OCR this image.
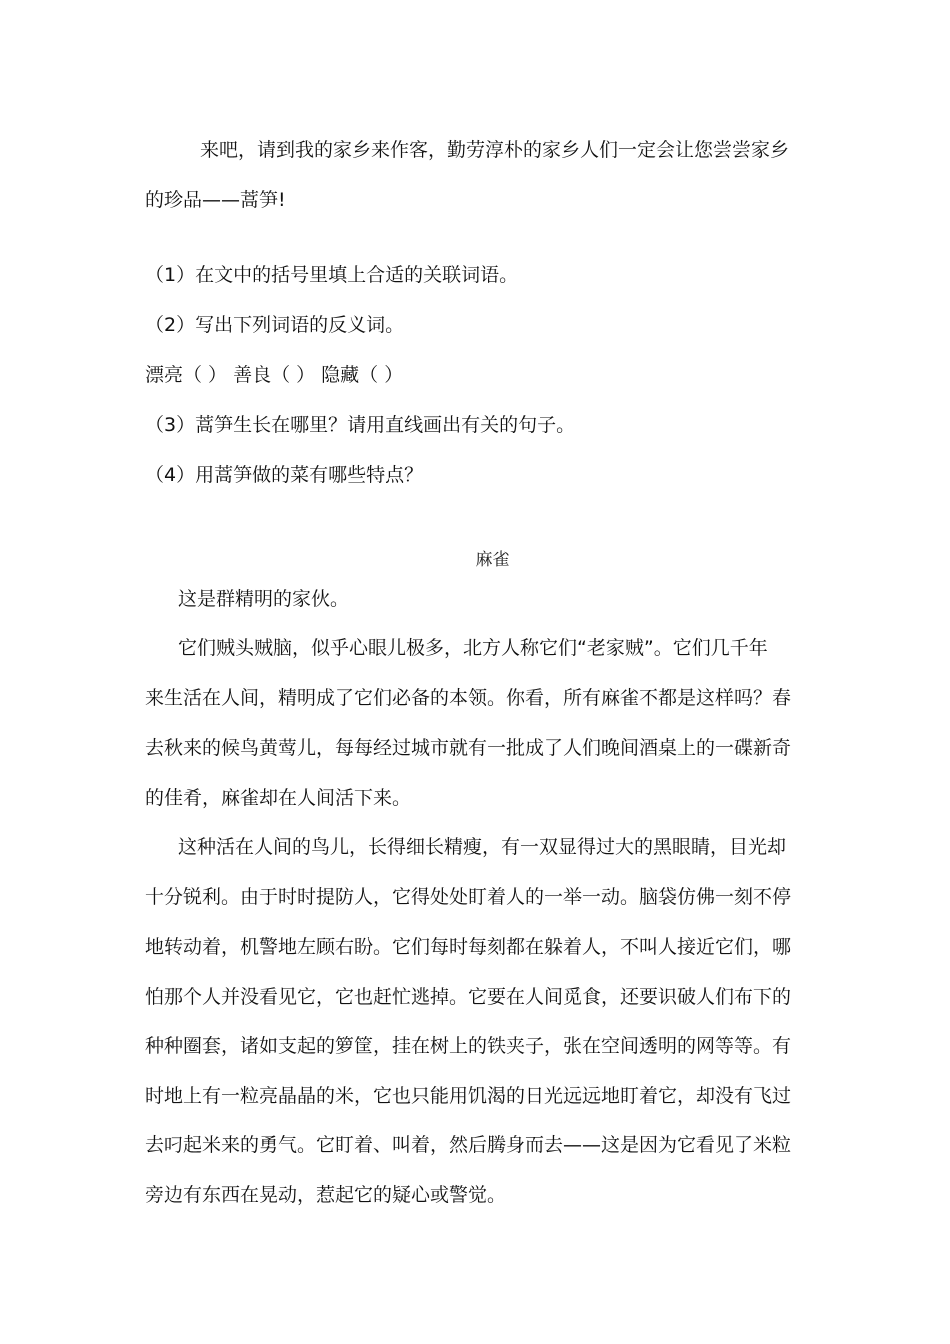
来吧，请到我的家乡来作客，勤劳淳朴的家乡人们一定会让您尝尝家乡
的珍品——蒿笋!
（1）在文中的括号里填上合适的关联词语。
（2）写出下列词语的反义词。
漂亮（ ） 善良（ ） 隐藏（ ）
（3）蒿笋生长在哪里？请用直线画出有关的句子。
（4）用蒿笋做的菜有哪些特点？
麻雀
这是群精明的家伙。
它们贼头贼脑，似乎心眼儿极多，北方人称它们“老家贼”。它们几千年
来生活在人间，精明成了它们必备的本领。你看，所有麻雀不都是这样吗？春
去秋来的候鸟黄莺儿，每每经过城市就有一批成了人们晚间酒桌上的一碟新奇
的佳肴，麻雀却在人间活下来。
这种活在人间的鸟儿，长得细长精瘦，有一双显得过大的黑眼睛，目光却
十分锐利。由于时时提防人，它得处处盯着人的一举一动。脑袋仿佛一刻不停
地转动着，机警地左顾右盼。它们每时每刻都在躲着人，不叫人接近它们，哪
怕那个人并没看见它，它也赶忙逃掉。它要在人间觅食，还要识破人们布下的
种种圈套，诸如支起的箩筐，挂在树上的铁夹子，张在空间透明的网等等。有
时地上有一粒亮晶晶的米，它也只能用饥渴的日光远远地盯着它，却没有飞过
去叼起米来的勇气。它盯着、叫着，然后腾身而去——这是因为它看见了米粒
旁边有东西在晃动，惹起它的疑心或警觉。
